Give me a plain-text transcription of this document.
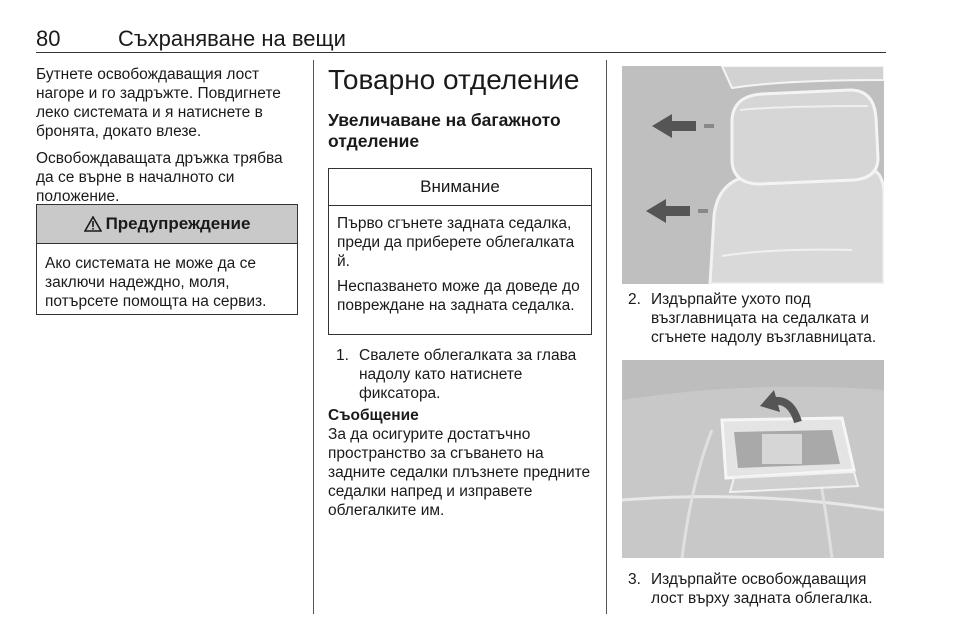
80	Съхраняване на вещи

Бутнете освобождаващия лост нагоре и го задръжте. Повдигнете леко системата и я натиснете в бронята, докато влезе.

Освобождаващата дръжка трябва да се върне в началното си положение.

Предупреждение
Ако системата не може да се заключи надеждно, моля, потърсете помощта на сервиз.
Товарно отделение
Увеличаване на багажното отделение
Внимание

Първо сгънете задната седалка, преди да приберете облегалката й.

Неспазването може да доведе до повреждане на задната седалка.

1. Свалете облегалката за глава надолу като натиснете фиксатора.
Съобщение
За да осигурите достатъчно пространство за сгъването на задните седалки плъзнете предните седалки напред и изправете облегалките им.
2. Издърпайте ухото под възглавницата на седалката и сгънете надолу възглавницата.
3. Издърпайте освобождаващия лост върху задната облегалка.
